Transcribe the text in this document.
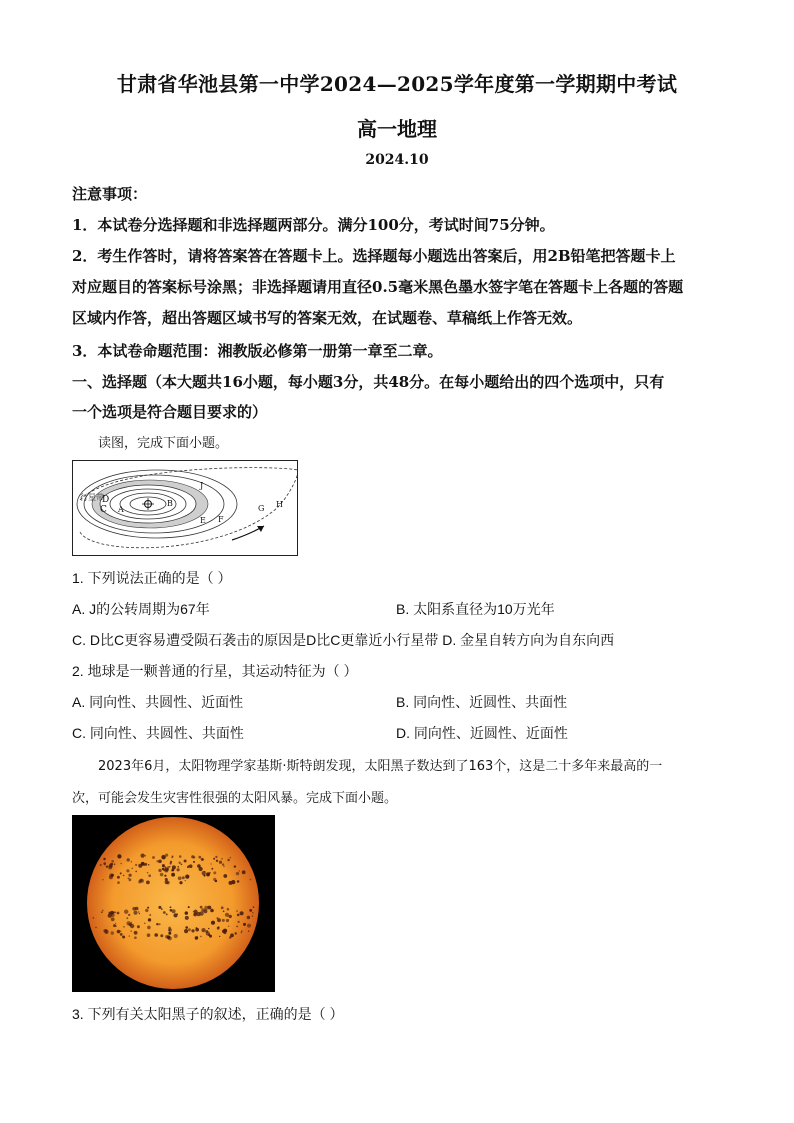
甘肃省华池县第一中学2024—2025学年度第一学期期中考试
高一地理
2024.10
注意事项：
1．本试卷分选择题和非选择题两部分。满分100分，考试时间75分钟。
2．考生作答时，请将答案答在答题卡上。选择题每小题选出答案后，用2B铅笔把答题卡上
对应题目的答案标号涂黑；非选择题请用直径0.5毫米黑色墨水签字笔在答题卡上各题的答题
区域内作答，超出答题区域书写的答案无效，在试题卷、草稿纸上作答无效。
3．本试卷命题范围：湘教版必修第一册第一章至二章。
一、选择题（本大题共16小题，每小题3分，共48分。在每小题给出的四个选项中，只有
一个选项是符合题目要求的）
读图，完成下面小题。
行星带
D
C A
B
J
E F
G H
1. 下列说法正确的是（ ）
A. J的公转周期为67年	B. 太阳系直径为10万光年
C. D比C更容易遭受陨石袭击的原因是D比C更靠近小行星带 D. 金星自转方向为自东向西
2. 地球是一颗普通的行星，其运动特征为（ ）
A. 同向性、共圆性、近面性	B. 同向性、近圆性、共面性
C. 同向性、共圆性、共面性	D. 同向性、近圆性、近面性
2023年6月，太阳物理学家基斯·斯特朗发现，太阳黑子数达到了163个，这是二十多年来最高的一
次，可能会发生灾害性很强的太阳风暴。完成下面小题。
3. 下列有关太阳黑子的叙述，正确的是（ ）
